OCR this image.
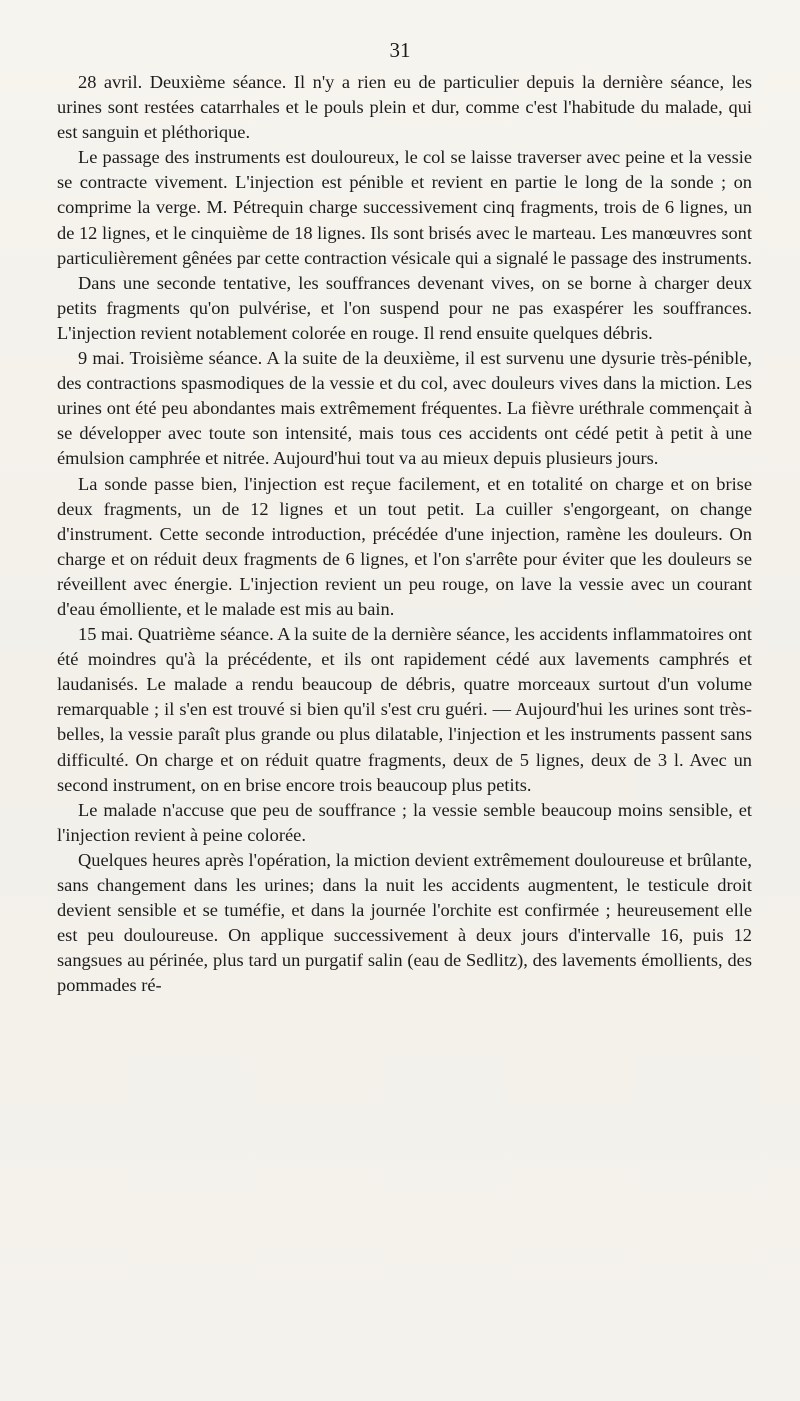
31

28 avril. Deuxième séance. Il n'y a rien eu de particulier depuis la dernière séance, les urines sont restées catarrhales et le pouls plein et dur, comme c'est l'habitude du malade, qui est sanguin et pléthorique.

Le passage des instruments est douloureux, le col se laisse traverser avec peine et la vessie se contracte vivement. L'injection est pénible et revient en partie le long de la sonde ; on comprime la verge. M. Pétrequin charge successivement cinq fragments, trois de 6 lignes, un de 12 lignes, et le cinquième de 18 lignes. Ils sont brisés avec le marteau. Les manœuvres sont particulièrement gênées par cette contraction vésicale qui a signalé le passage des instruments.

Dans une seconde tentative, les souffrances devenant vives, on se borne à charger deux petits fragments qu'on pulvérise, et l'on suspend pour ne pas exaspérer les souffrances. L'injection revient notablement colorée en rouge. Il rend ensuite quelques débris.

9 mai. Troisième séance. A la suite de la deuxième, il est survenu une dysurie très-pénible, des contractions spasmodiques de la vessie et du col, avec douleurs vives dans la miction. Les urines ont été peu abondantes mais extrêmement fréquentes. La fièvre uréthrale commençait à se développer avec toute son intensité, mais tous ces accidents ont cédé petit à petit à une émulsion camphrée et nitrée. Aujourd'hui tout va au mieux depuis plusieurs jours.

La sonde passe bien, l'injection est reçue facilement, et en totalité on charge et on brise deux fragments, un de 12 lignes et un tout petit. La cuiller s'engorgeant, on change d'instrument. Cette seconde introduction, précédée d'une injection, ramène les douleurs. On charge et on réduit deux fragments de 6 lignes, et l'on s'arrête pour éviter que les douleurs se réveillent avec énergie. L'injection revient un peu rouge, on lave la vessie avec un courant d'eau émolliente, et le malade est mis au bain.

15 mai. Quatrième séance. A la suite de la dernière séance, les accidents inflammatoires ont été moindres qu'à la précédente, et ils ont rapidement cédé aux lavements camphrés et laudanisés. Le malade a rendu beaucoup de débris, quatre morceaux surtout d'un volume remarquable ; il s'en est trouvé si bien qu'il s'est cru guéri. — Aujourd'hui les urines sont très-belles, la vessie paraît plus grande ou plus dilatable, l'injection et les instruments passent sans difficulté. On charge et on réduit quatre fragments, deux de 5 lignes, deux de 3 l. Avec un second instrument, on en brise encore trois beaucoup plus petits.

Le malade n'accuse que peu de souffrance ; la vessie semble beaucoup moins sensible, et l'injection revient à peine colorée.

Quelques heures après l'opération, la miction devient extrêmement douloureuse et brûlante, sans changement dans les urines; dans la nuit les accidents augmentent, le testicule droit devient sensible et se tuméfie, et dans la journée l'orchite est confirmée ; heureusement elle est peu douloureuse. On applique successivement à deux jours d'intervalle 16, puis 12 sangsues au périnée, plus tard un purgatif salin (eau de Sedlitz), des lavements émollients, des pommades ré-
